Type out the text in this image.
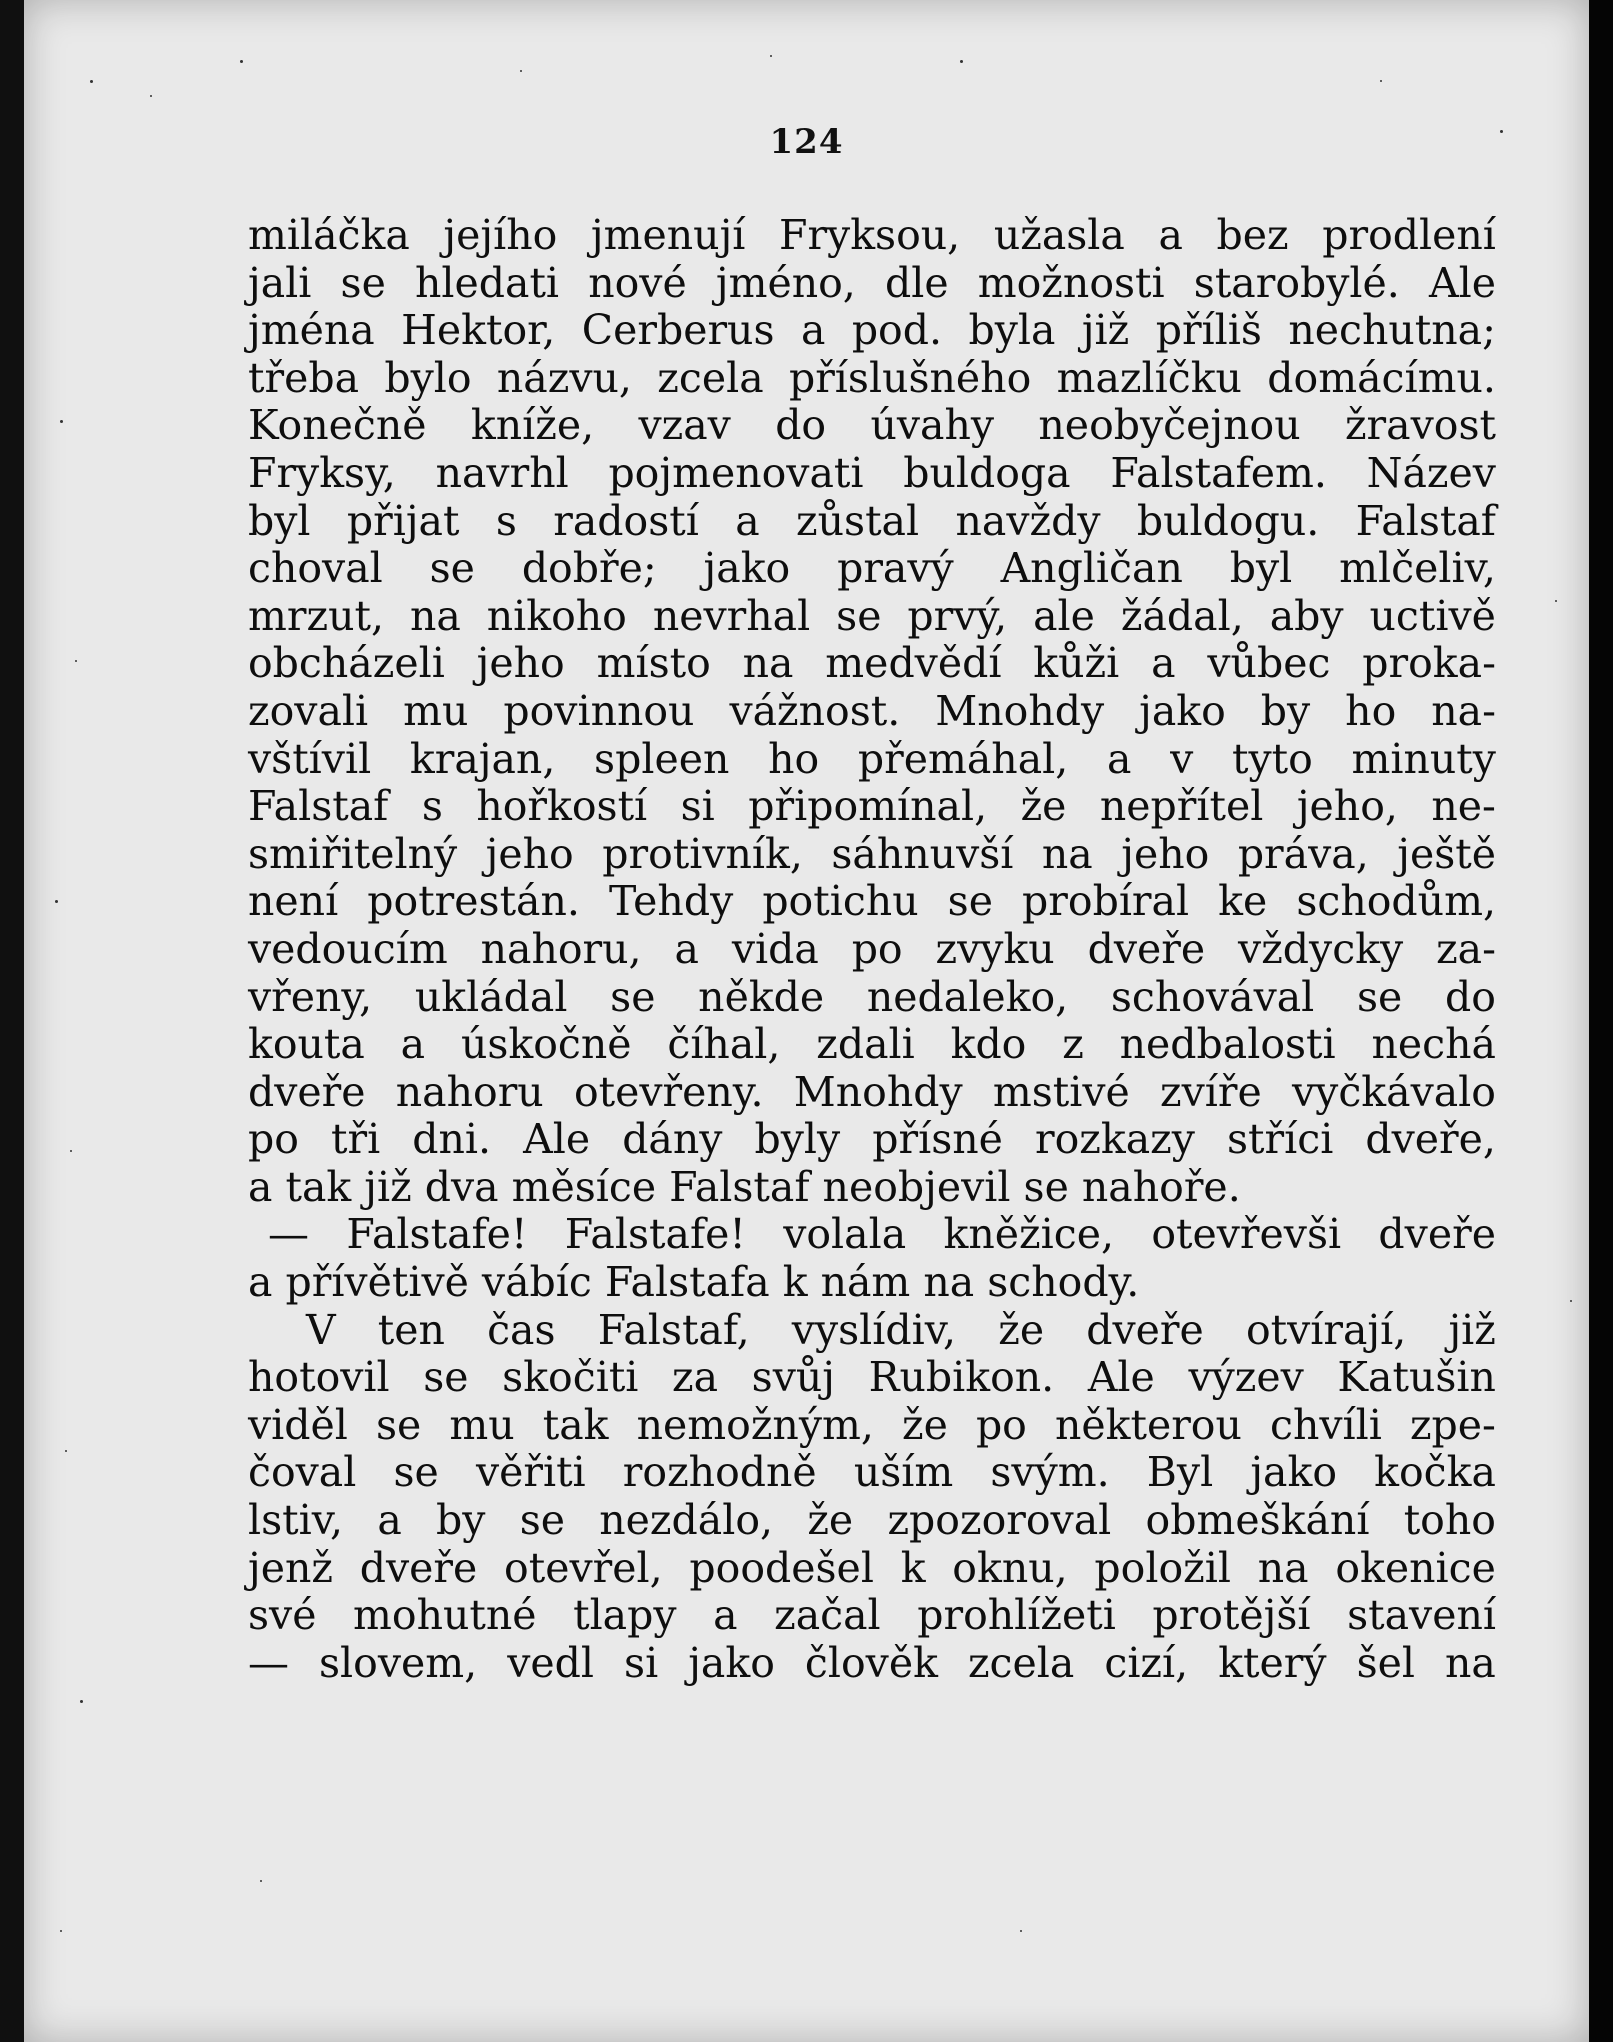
124
miláčka jejího jmenují Fryksou, užasla a bez prodlení
jali se hledati nové jméno, dle možnosti starobylé. Ale
jména Hektor, Cerberus a pod. byla již příliš nechutna;
třeba bylo názvu, zcela příslušného mazlíčku domácímu.
Konečně kníže, vzav do úvahy neobyčejnou žravost
Fryksy, navrhl pojmenovati buldoga Falstafem. Název
byl přijat s radostí a zůstal navždy buldogu. Falstaf
choval se dobře; jako pravý Angličan byl mlčeliv,
mrzut, na nikoho nevrhal se prvý, ale žádal, aby uctivě
obcházeli jeho místo na medvědí kůži a vůbec proka-
zovali mu povinnou vážnost. Mnohdy jako by ho na-
vštívil krajan, spleen ho přemáhal, a v tyto minuty
Falstaf s hořkostí si připomínal, že nepřítel jeho, ne-
smiřitelný jeho protivník, sáhnuvší na jeho práva, ještě
není potrestán. Tehdy potichu se probíral ke schodům,
vedoucím nahoru, a vida po zvyku dveře vždycky za-
vřeny, ukládal se někde nedaleko, schovával se do
kouta a úskočně číhal, zdali kdo z nedbalosti nechá
dveře nahoru otevřeny. Mnohdy mstivé zvíře vyčkávalo
po tři dni. Ale dány byly přísné rozkazy stříci dveře,
a tak již dva měsíce Falstaf neobjevil se nahoře.
— Falstafe! Falstafe! volala kněžice, otevřevši dveře
a přívětivě vábíc Falstafa k nám na schody.
V ten čas Falstaf, vyslídiv, že dveře otvírají, již
hotovil se skočiti za svůj Rubikon. Ale výzev Katušin
viděl se mu tak nemožným, že po některou chvíli zpe-
čoval se věřiti rozhodně uším svým. Byl jako kočka
lstiv, a by se nezdálo, že zpozoroval obmeškání toho
jenž dveře otevřel, poodešel k oknu, položil na okenice
své mohutné tlapy a začal prohlížeti protější stavení
— slovem, vedl si jako člověk zcela cizí, který šel na
